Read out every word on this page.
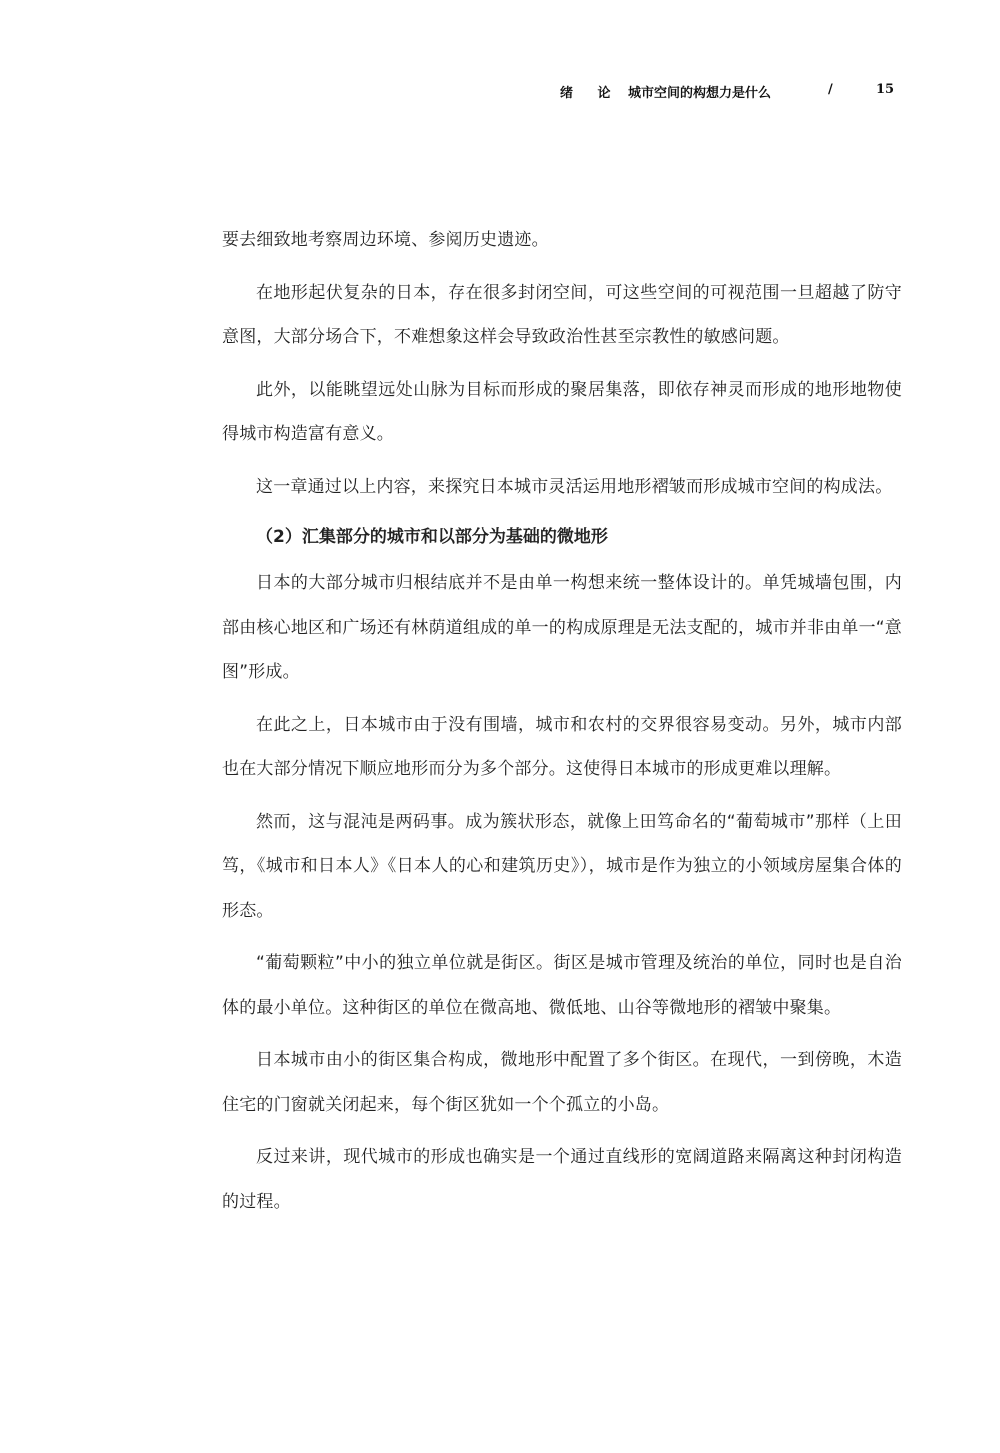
绪 论 城市空间的构想力是什么	/	15

要去细致地考察周边环境、参阅历史遗迹。

在地形起伏复杂的日本，存在很多封闭空间，可这些空间的可视范围一旦超越了防守意图，大部分场合下，不难想象这样会导致政治性甚至宗教性的敏感问题。

此外，以能眺望远处山脉为目标而形成的聚居集落，即依存神灵而形成的地形地物使得城市构造富有意义。

这一章通过以上内容，来探究日本城市灵活运用地形褶皱而形成城市空间的构成法。

（2）汇集部分的城市和以部分为基础的微地形

日本的大部分城市归根结底并不是由单一构想来统一整体设计的。单凭城墙包围，内部由核心地区和广场还有林荫道组成的单一的构成原理是无法支配的，城市并非由单一“意图”形成。

在此之上，日本城市由于没有围墙，城市和农村的交界很容易变动。另外，城市内部也在大部分情况下顺应地形而分为多个部分。这使得日本城市的形成更难以理解。

然而，这与混沌是两码事。成为簇状形态，就像上田笃命名的“葡萄城市”那样（上田笃，《城市和日本人》《日本人的心和建筑历史》），城市是作为独立的小领域房屋集合体的形态。

“葡萄颗粒”中小的独立单位就是街区。街区是城市管理及统治的单位，同时也是自治体的最小单位。这种街区的单位在微高地、微低地、山谷等微地形的褶皱中聚集。

日本城市由小的街区集合构成，微地形中配置了多个街区。在现代，一到傍晚，木造住宅的门窗就关闭起来，每个街区犹如一个个孤立的小岛。

反过来讲，现代城市的形成也确实是一个通过直线形的宽阔道路来隔离这种封闭构造的过程。
